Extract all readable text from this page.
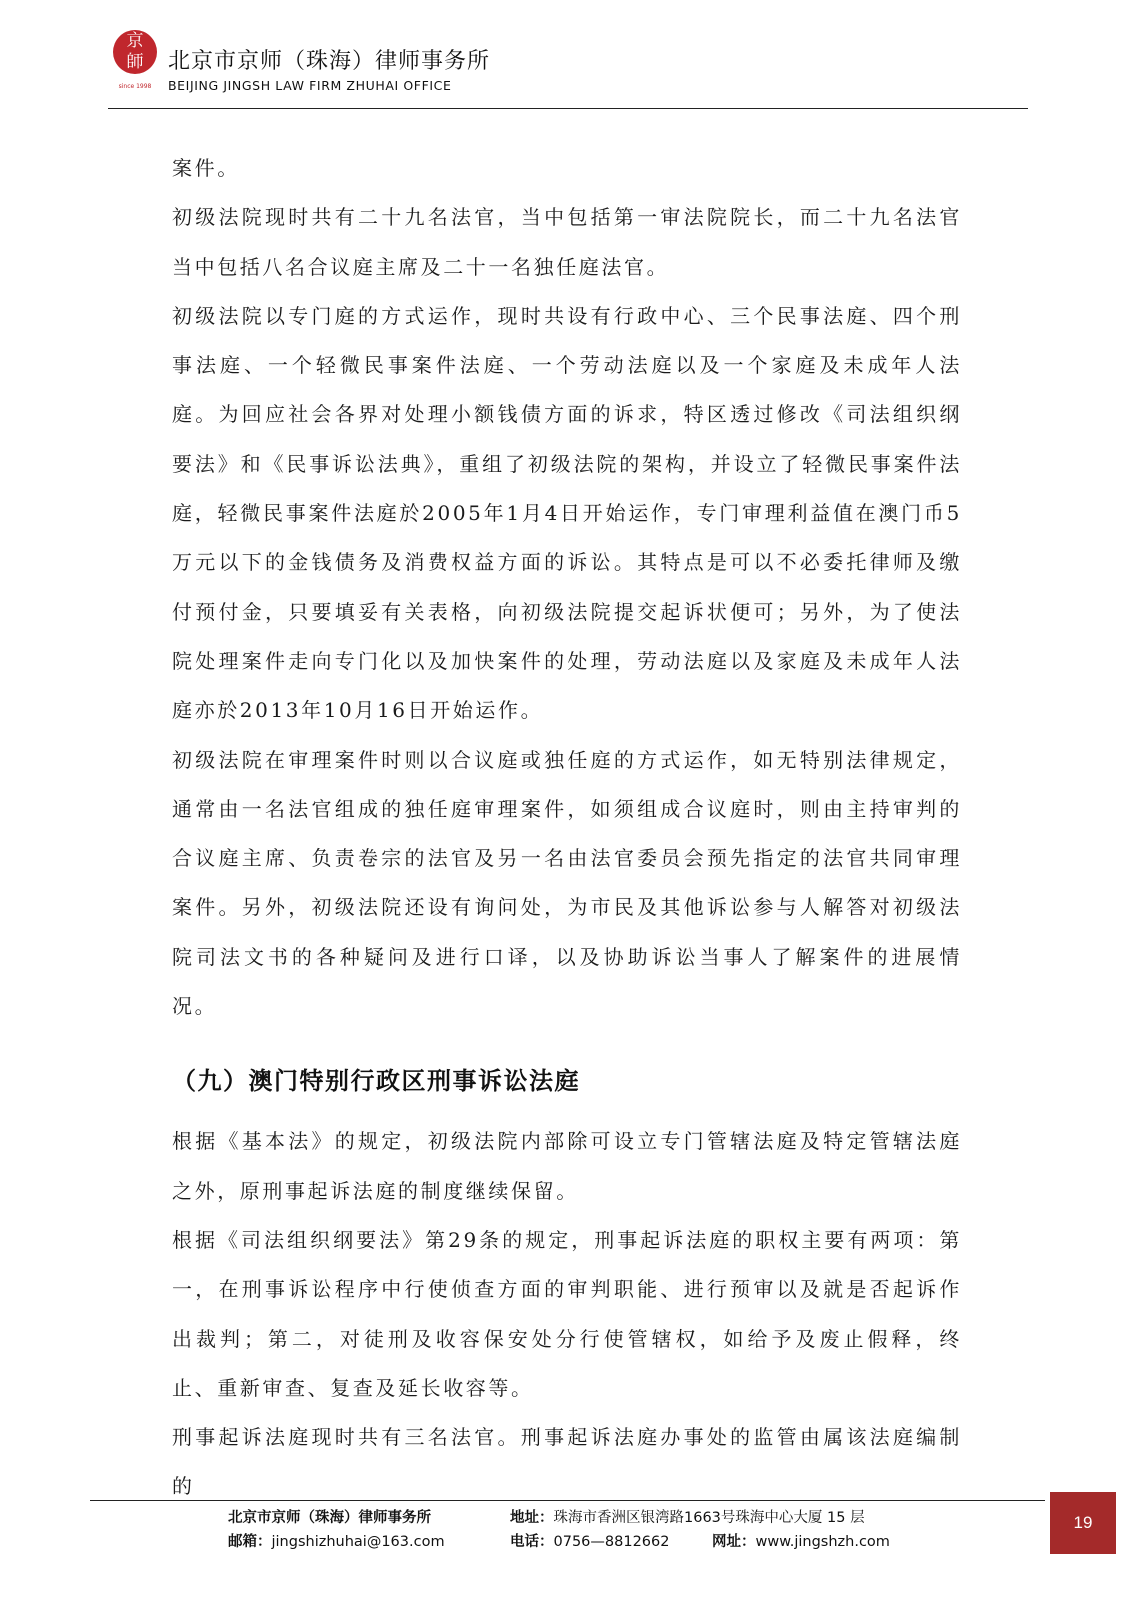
京
師
since 1998
北京市京师（珠海）律师事务所
BEIJING JINGSH LAW FIRM ZHUHAI OFFICE

案件。

初级法院现时共有二十九名法官，当中包括第一审法院院长，而二十九名法官当中包括八名合议庭主席及二十一名独任庭法官。

初级法院以专门庭的方式运作，现时共设有行政中心、三个民事法庭、四个刑事法庭、一个轻微民事案件法庭、一个劳动法庭以及一个家庭及未成年人法庭。为回应社会各界对处理小额钱债方面的诉求，特区透过修改《司法组织纲要法》和《民事诉讼法典》，重组了初级法院的架构，并设立了轻微民事案件法庭，轻微民事案件法庭於2005年1月4日开始运作，专门审理利益值在澳门币5万元以下的金钱债务及消费权益方面的诉讼。其特点是可以不必委托律师及缴付预付金，只要填妥有关表格，向初级法院提交起诉状便可；另外，为了使法院处理案件走向专门化以及加快案件的处理，劳动法庭以及家庭及未成年人法庭亦於2013年10月16日开始运作。

初级法院在审理案件时则以合议庭或独任庭的方式运作，如无特别法律规定，通常由一名法官组成的独任庭审理案件，如须组成合议庭时，则由主持审判的合议庭主席、负责卷宗的法官及另一名由法官委员会预先指定的法官共同审理案件。另外，初级法院还设有询问处，为市民及其他诉讼参与人解答对初级法院司法文书的各种疑问及进行口译，以及协助诉讼当事人了解案件的进展情况。

（九）澳门特别行政区刑事诉讼法庭

根据《基本法》的规定，初级法院内部除可设立专门管辖法庭及特定管辖法庭之外，原刑事起诉法庭的制度继续保留。

根据《司法组织纲要法》第29条的规定，刑事起诉法庭的职权主要有两项：第一，在刑事诉讼程序中行使侦查方面的审判职能、进行预审以及就是否起诉作出裁判；第二，对徒刑及收容保安处分行使管辖权，如给予及废止假释，终止、重新审查、复查及延长收容等。

刑事起诉法庭现时共有三名法官。刑事起诉法庭办事处的监管由属该法庭编制的

北京市京师（珠海）律师事务所	地址：珠海市香洲区银湾路1663号珠海中心大厦 15 层
邮箱：jingshizhuhai@163.com	电话：0756—8812662	网址：www.jingshzh.com
19
